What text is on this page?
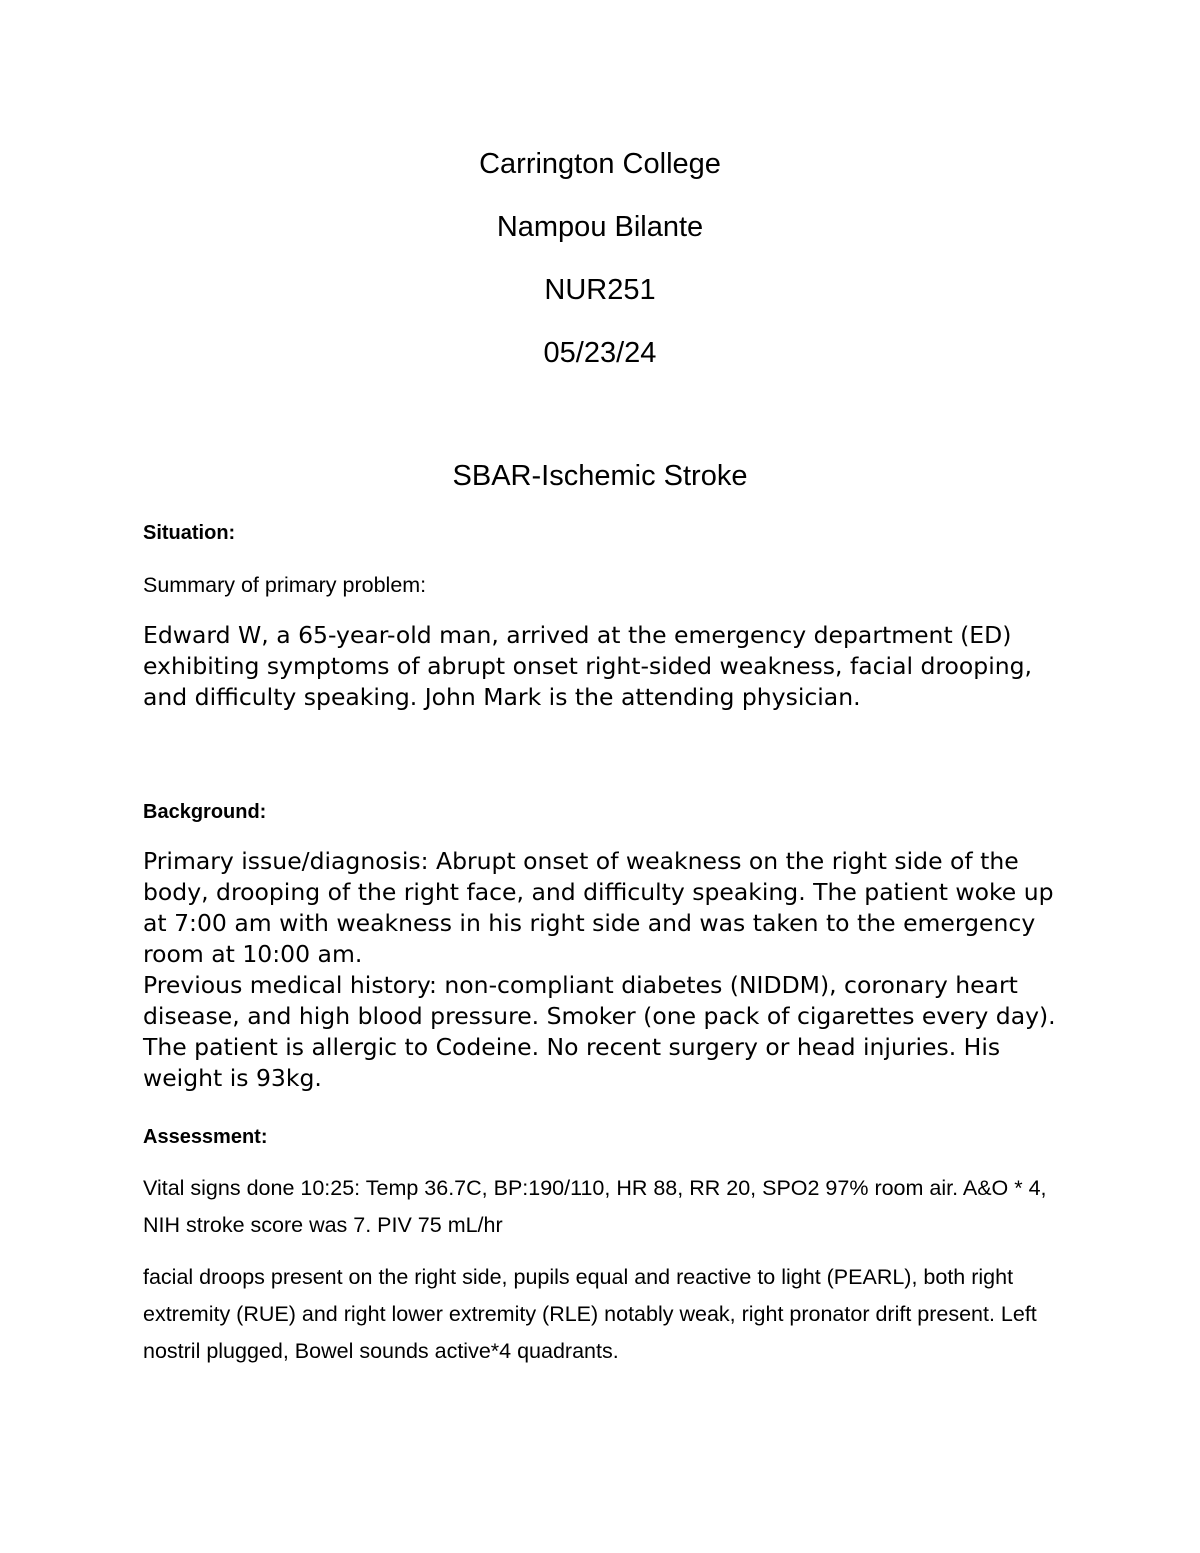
Carrington College
Nampou Bilante
NUR251
05/23/24
SBAR-Ischemic Stroke
Situation:
Summary of primary problem:
Edward W, a 65-year-old man, arrived at the emergency department (ED) exhibiting symptoms of abrupt onset right-sided weakness, facial drooping, and difficulty speaking. John Mark is the attending physician.
Background:

Primary issue/diagnosis: Abrupt onset of weakness on the right side of the body, drooping of the right face, and difficulty speaking. The patient woke up at 7:00 am with weakness in his right side and was taken to the emergency room at 10:00 am.

Previous medical history: non-compliant diabetes (NIDDM), coronary heart disease, and high blood pressure. Smoker (one pack of cigarettes every day). The patient is allergic to Codeine. No recent surgery or head injuries. His weight is 93kg.

Assessment:
Vital signs done 10:25: Temp 36.7C, BP:190/110, HR 88, RR 20, SPO2 97% room air. A&O * 4, NIH stroke score was 7. PIV 75 mL/hr
facial droops present on the right side, pupils equal and reactive to light (PEARL), both right extremity (RUE) and right lower extremity (RLE) notably weak, right pronator drift present. Left nostril plugged, Bowel sounds active*4 quadrants.
